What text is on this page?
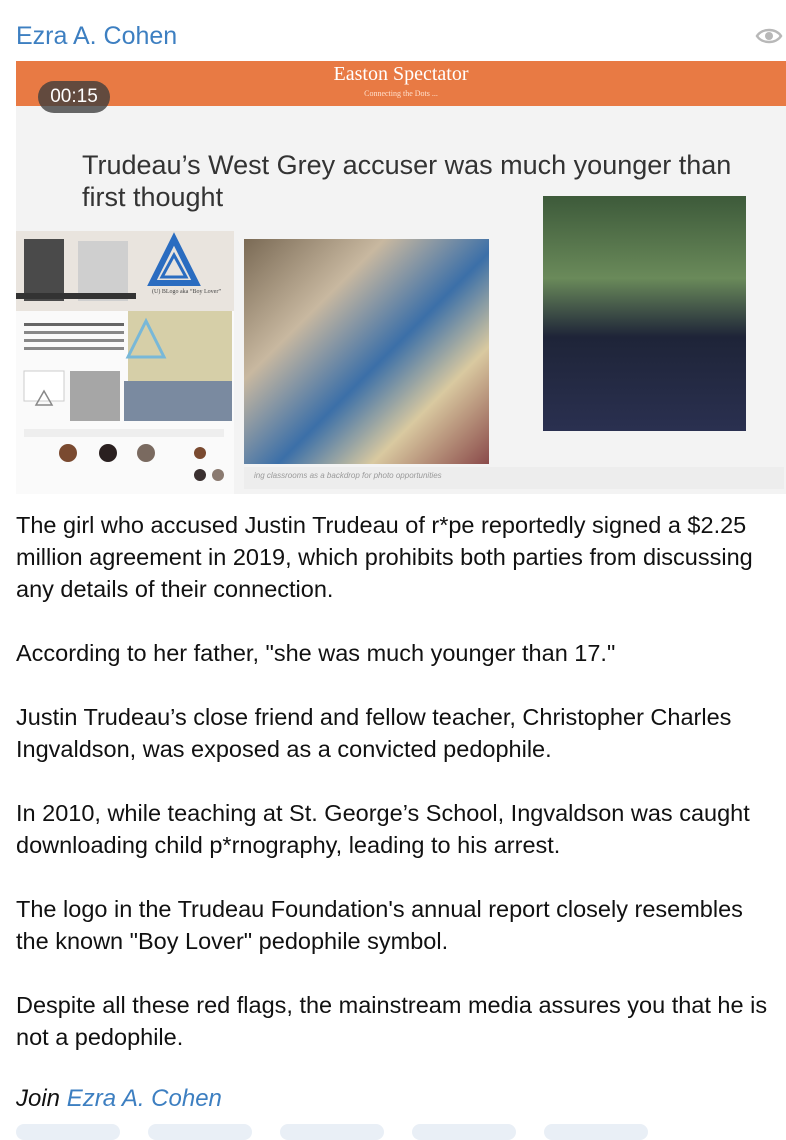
Ezra A. Cohen
Easton Spectator
Connecting the Dots ...
Trudeau’s West Grey accuser was much younger than first thought
(U) BLogo aka “Boy Lover”
ing classrooms as a backdrop for photo opportunities
00:15

The girl who accused Justin Trudeau of r*pe reportedly signed a $2.25 million agreement in 2019, which prohibits both parties from discussing any details of their connection.

According to her father, "she was much younger than 17."

Justin Trudeau’s close friend and fellow teacher, Christopher Charles Ingvaldson, was exposed as a convicted pedophile.

In 2010, while teaching at St. George’s School, Ingvaldson was caught downloading child p*rnography, leading to his arrest.

The logo in the Trudeau Foundation's annual report closely resembles the known "Boy Lover" pedophile symbol.

Despite all these red flags, the mainstream media assures you that he is not a pedophile.

Join Ezra A. Cohen
